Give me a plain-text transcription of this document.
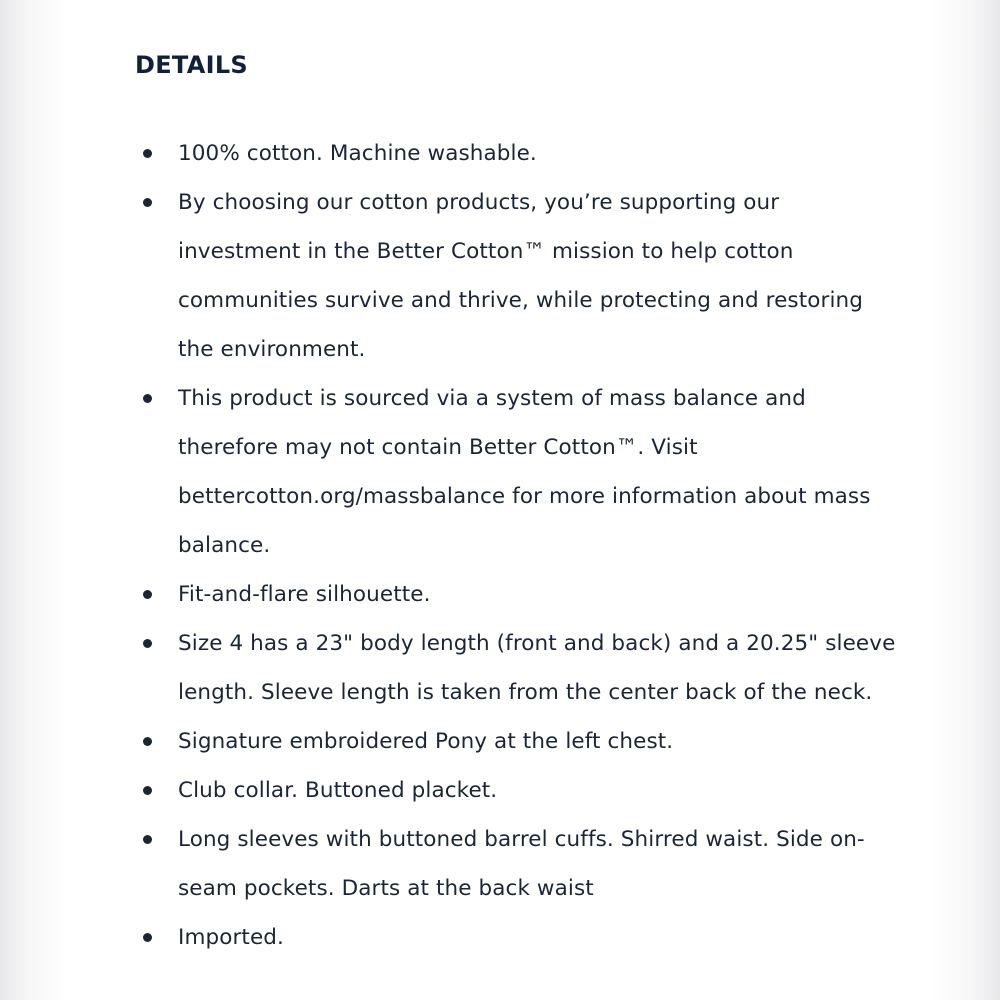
DETAILS
100% cotton. Machine washable.
By choosing our cotton products, you’re supporting our investment in the Better Cotton™ mission to help cotton communities survive and thrive, while protecting and restoring the environment.
This product is sourced via a system of mass balance and therefore may not contain Better Cotton™. Visit bettercotton.org/massbalance for more information about mass balance.
Fit-and-flare silhouette.
Size 4 has a 23" body length (front and back) and a 20.25" sleeve length. Sleeve length is taken from the center back of the neck.
Signature embroidered Pony at the left chest.
Club collar. Buttoned placket.
Long sleeves with buttoned barrel cuffs. Shirred waist. Side on-seam pockets. Darts at the back waist
Imported.
